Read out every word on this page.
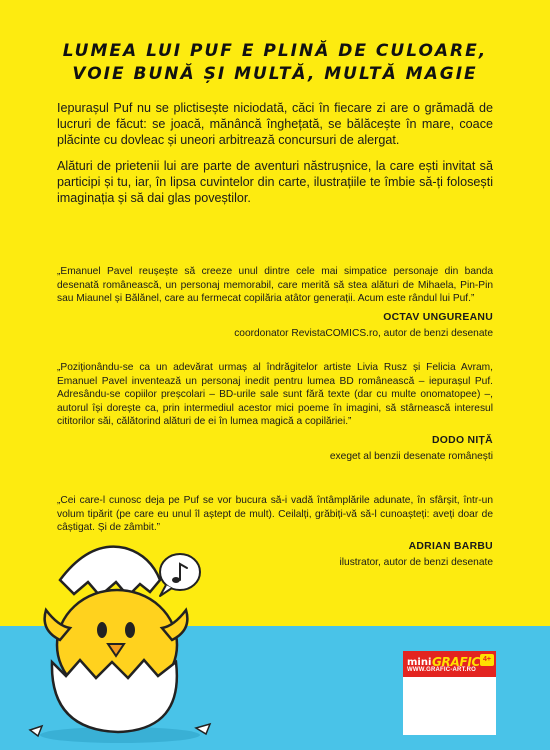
LUMEA LUI PUF E PLINĂ DE CULOARE,
VOIE BUNĂ ȘI MULTĂ, MULTĂ MAGIE

Iepurașul Puf nu se plictisește niciodată, căci în fiecare zi are o grămadă de lucruri de făcut: se joacă, mănâncă înghețată, se bălăcește în mare, coace plăcinte cu dovleac și uneori arbitrează concursuri de alergat.

Alături de prietenii lui are parte de aventuri năstrușnice, la care ești invitat să participi și tu, iar, în lipsa cuvintelor din carte, ilustrațiile te îmbie să-ți folosești imaginația și să dai glas poveștilor.

„Emanuel Pavel reușește să creeze unul dintre cele mai simpatice personaje din banda desenată românească, un personaj memorabil, care merită să stea alături de Mihaela, Pin-Pin sau Miaunel și Bălănel, care au fermecat copilăria atâtor generații. Acum este rândul lui Puf.”

OCTAV UNGUREANU
coordonator RevistaCOMICS.ro, autor de benzi desenate

„Poziționându-se ca un adevărat urmaș al îndrăgitelor artiste Livia Rusz și Felicia Avram, Emanuel Pavel inventează un personaj inedit pentru lumea BD românească – iepurașul Puf. Adresându-se copiilor preșcolari – BD-urile sale sunt fără texte (dar cu multe onomatopee) –, autorul își dorește ca, prin intermediul acestor mici poeme în imagini, să stârnească interesul cititorilor săi, călătorind alături de ei în lumea magică a copilăriei.”

DODO NIȚĂ
exeget al benzii desenate românești

„Cei care-l cunosc deja pe Puf se vor bucura să-i vadă întâmplările adunate, în sfârșit, într-un volum tipărit (pe care eu unul îl aștept de mult). Ceilalți, grăbiți-vă să-l cunoașteți: aveți doar de câștigat. Și de zâmbit.”

ADRIAN BARBU
ilustrator, autor de benzi desenate
mini GRAFIC 4+
WWW.GRAFIC-ART.RO
